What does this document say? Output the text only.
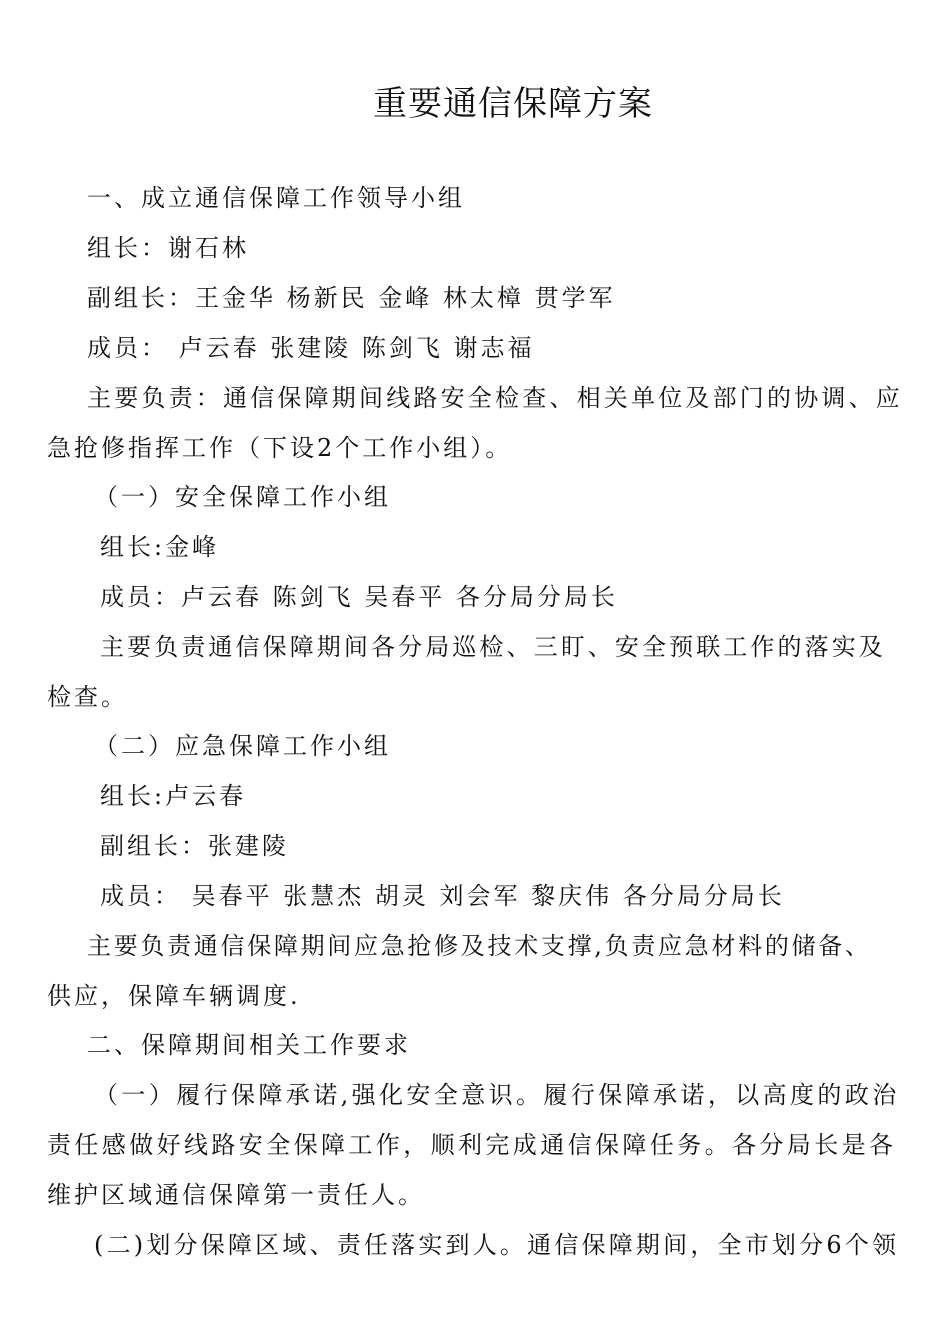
重要通信保障方案
一、成立通信保障工作领导小组
组长：谢石林
副组长：王金华 杨新民 金峰 林太樟 贯学军
成员： 卢云春 张建陵 陈剑飞 谢志福
主要负责：通信保障期间线路安全检查、相关单位及部门的协调、应
急抢修指挥工作（下设2个工作小组）。
（一）安全保障工作小组
组长:金峰
成员：卢云春 陈剑飞 吴春平 各分局分局长
主要负责通信保障期间各分局巡检、三盯、安全预联工作的落实及
检查。
（二）应急保障工作小组
组长:卢云春
副组长：张建陵
成员： 吴春平 张慧杰 胡灵 刘会军 黎庆伟 各分局分局长
主要负责通信保障期间应急抢修及技术支撑,负责应急材料的储备、
供应，保障车辆调度.
二、保障期间相关工作要求
（一）履行保障承诺,强化安全意识。履行保障承诺，以高度的政治
责任感做好线路安全保障工作，顺利完成通信保障任务。各分局长是各
维护区域通信保障第一责任人。
(二)划分保障区域、责任落实到人。通信保障期间，全市划分6个领
